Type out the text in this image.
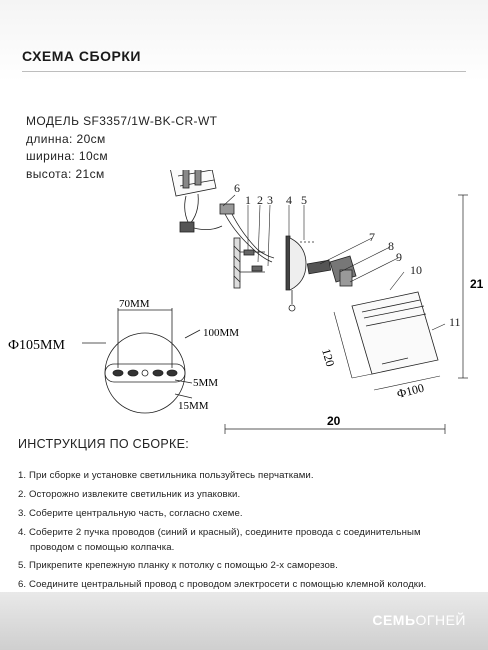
СХЕМА СБОРКИ
МОДЕЛЬ SF3357/1W-BK-CR-WT
длинна: 20см
ширина: 10см
высота: 21см
1 2 3 4 5
6
7
8
9
10
11
120
Ф100
21
20
Ф105ММ
70ММ
100ММ
5ММ
15ММ
ИНСТРУКЦИЯ ПО СБОРКЕ:
1. При сборке и установке светильника пользуйтесь перчатками.
2. Осторожно извлеките светильник из упаковки.
3. Соберите центральную часть, согласно схеме.
4. Соберите 2 пучка проводов (синий и красный), соедините провода с соединительным
проводом с помощью колпачка.
5. Прикрепите крепежную планку к потолку с помощью 2-х саморезов.
6. Соедините центральный провод с проводом электросети с помощью клемной колодки.
СЕМЬОГНЕЙ
